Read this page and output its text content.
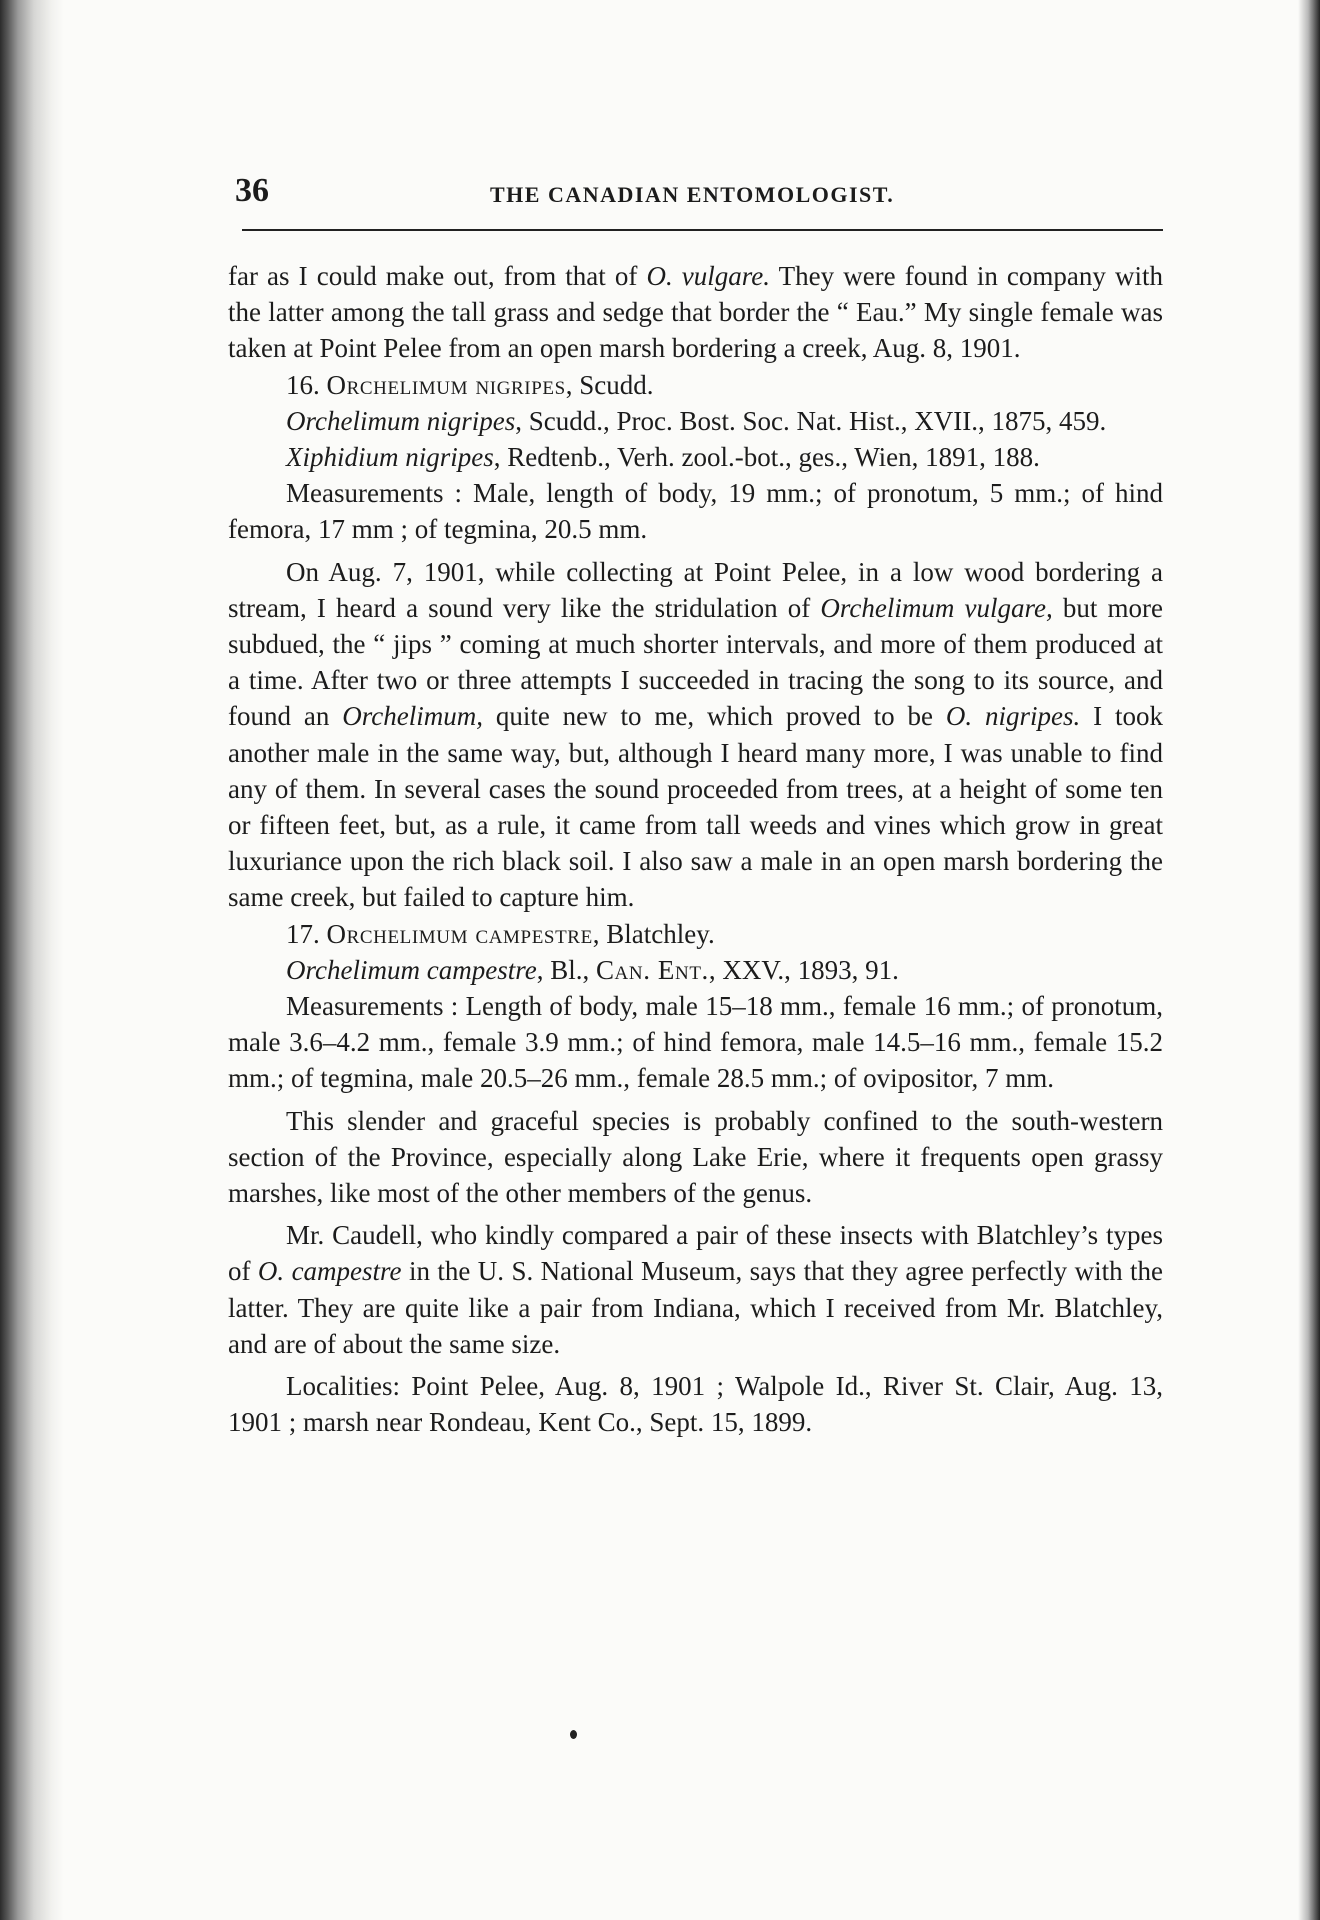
36	THE CANADIAN ENTOMOLOGIST.

far as I could make out, from that of O. vulgare. They were found in company with the latter among the tall grass and sedge that border the “ Eau.” My single female was taken at Point Pelee from an open marsh bordering a creek, Aug. 8, 1901.

16. Orchelimum nigripes, Scudd.

Orchelimum nigripes, Scudd., Proc. Bost. Soc. Nat. Hist., XVII., 1875, 459.

Xiphidium nigripes, Redtenb., Verh. zool.-bot., ges., Wien, 1891, 188.

Measurements : Male, length of body, 19 mm.; of pronotum, 5 mm.; of hind femora, 17 mm ; of tegmina, 20.5 mm.

On Aug. 7, 1901, while collecting at Point Pelee, in a low wood bordering a stream, I heard a sound very like the stridulation of Orchelimum vulgare, but more subdued, the “ jips ” coming at much shorter intervals, and more of them produced at a time. After two or three attempts I succeeded in tracing the song to its source, and found an Orchelimum, quite new to me, which proved to be O. nigripes. I took another male in the same way, but, although I heard many more, I was unable to find any of them. In several cases the sound proceeded from trees, at a height of some ten or fifteen feet, but, as a rule, it came from tall weeds and vines which grow in great luxuriance upon the rich black soil. I also saw a male in an open marsh bordering the same creek, but failed to capture him.

17. Orchelimum campestre, Blatchley.

Orchelimum campestre, Bl., Can. Ent., XXV., 1893, 91.

Measurements : Length of body, male 15–18 mm., female 16 mm.; of pronotum, male 3.6–4.2 mm., female 3.9 mm.; of hind femora, male 14.5–16 mm., female 15.2 mm.; of tegmina, male 20.5–26 mm., female 28.5 mm.; of ovipositor, 7 mm.

This slender and graceful species is probably confined to the south-western section of the Province, especially along Lake Erie, where it frequents open grassy marshes, like most of the other members of the genus.

Mr. Caudell, who kindly compared a pair of these insects with Blatchley’s types of O. campestre in the U. S. National Museum, says that they agree perfectly with the latter. They are quite like a pair from Indiana, which I received from Mr. Blatchley, and are of about the same size.

Localities: Point Pelee, Aug. 8, 1901 ; Walpole Id., River St. Clair, Aug. 13, 1901 ; marsh near Rondeau, Kent Co., Sept. 15, 1899.
